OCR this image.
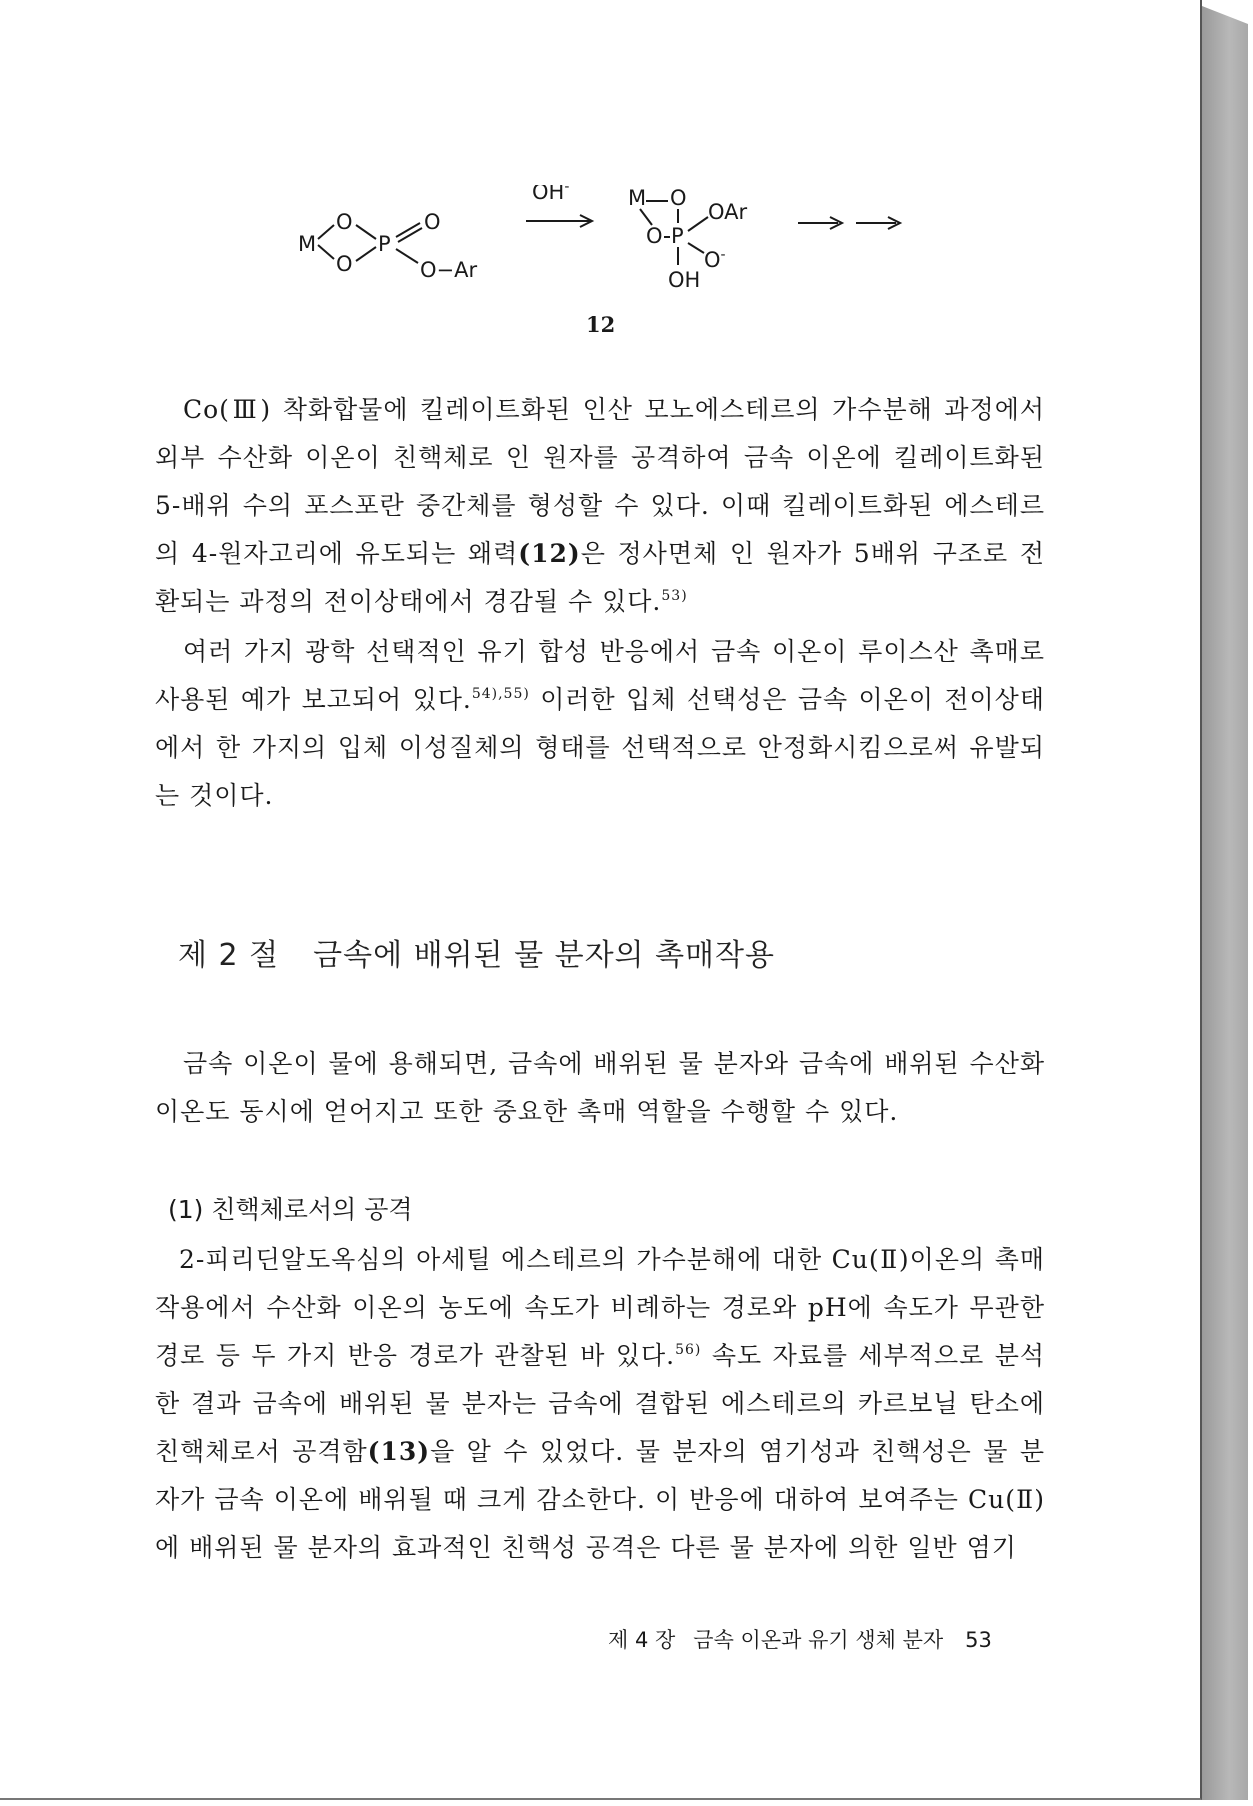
M
O
O
P
O
O−Ar
OH-	M O
O P
OAr
O-
OH
12
Co(Ⅲ) 착화합물에 킬레이트화된 인산 모노에스테르의 가수분해 과정에서 외부 수산화 이온이 친핵체로 인 원자를 공격하여 금속 이온에 킬레이트화된 5-배위 수의 포스포란 중간체를 형성할 수 있다. 이때 킬레이트화된 에스테르의 4-원자고리에 유도되는 왜력(12)은 정사면체 인 원자가 5배위 구조로 전환되는 과정의 전이상태에서 경감될 수 있다.$^{53)}$
여러 가지 광학 선택적인 유기 합성 반응에서 금속 이온이 루이스산 촉매로 사용된 예가 보고되어 있다.$^{54),55)}$ 이러한 입체 선택성은 금속 이온이 전이상태에서 한 가지의 입체 이성질체의 형태를 선택적으로 안정화시킴으로써 유발되는 것이다.
제 2 절 금속에 배위된 물 분자의 촉매작용
금속 이온이 물에 용해되면, 금속에 배위된 물 분자와 금속에 배위된 수산화 이온도 동시에 얻어지고 또한 중요한 촉매 역할을 수행할 수 있다.
(1) 친핵체로서의 공격
2-피리딘알도옥심의 아세틸 에스테르의 가수분해에 대한 Cu(Ⅱ)이온의 촉매작용에서 수산화 이온의 농도에 속도가 비례하는 경로와 pH에 속도가 무관한 경로 등 두 가지 반응 경로가 관찰된 바 있다.$^{56)}$ 속도 자료를 세부적으로 분석한 결과 금속에 배위된 물 분자는 금속에 결합된 에스테르의 카르보닐 탄소에 친핵체로서 공격함(13)을 알 수 있었다. 물 분자의 염기성과 친핵성은 물 분자가 금속 이온에 배위될 때 크게 감소한다. 이 반응에 대하여 보여주는 Cu(Ⅱ)에 배위된 물 분자의 효과적인 친핵성 공격은 다른 물 분자에 의한 일반 염기
제 4 장 금속 이온과 유기 생체 분자 53
